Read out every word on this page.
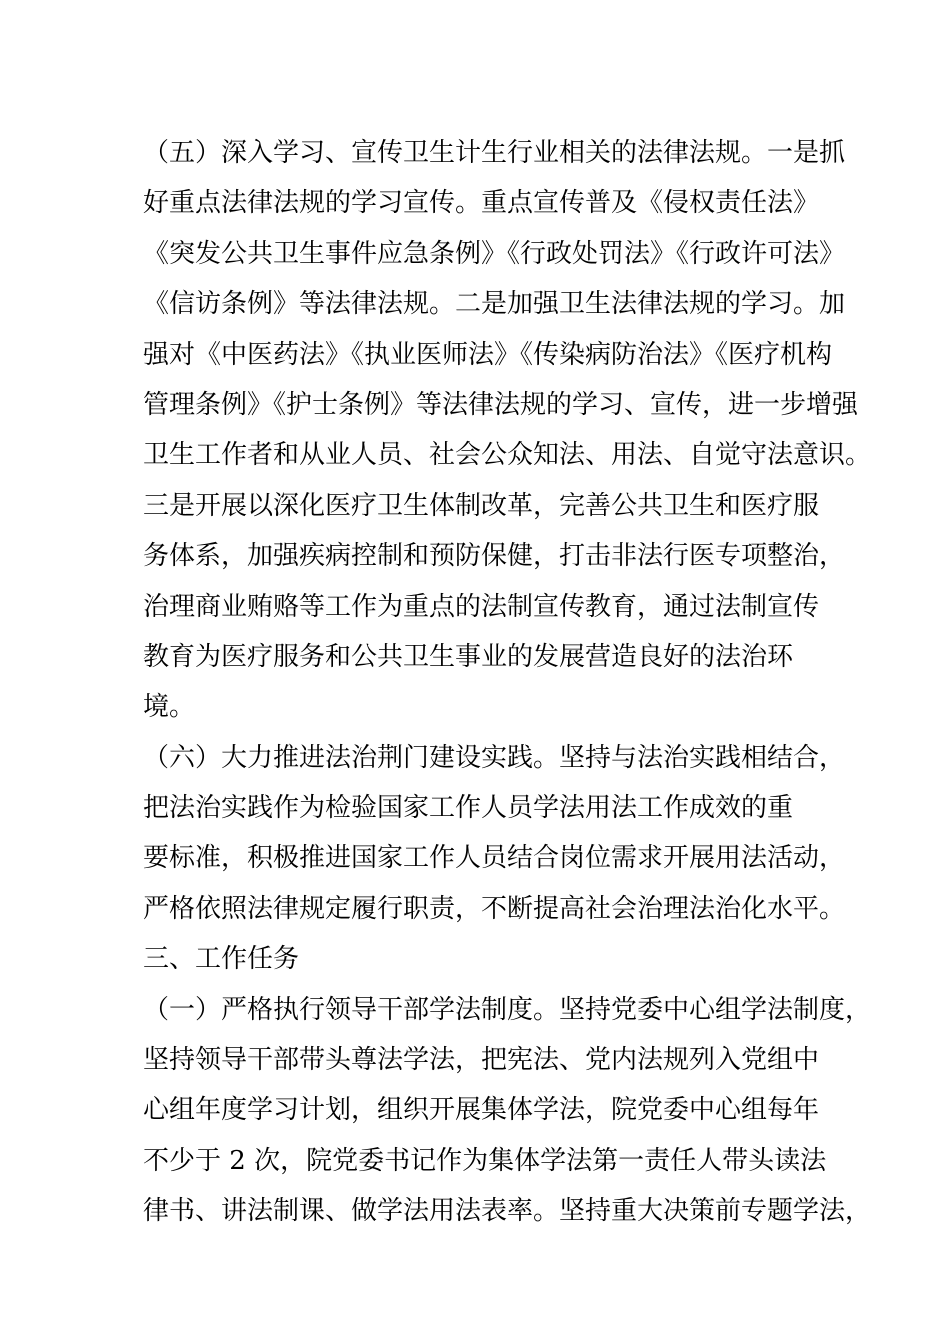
（五）深入学习、宣传卫生计生行业相关的法律法规。一是抓
好重点法律法规的学习宣传。重点宣传普及《侵权责任法》
《突发公共卫生事件应急条例》《行政处罚法》《行政许可法》
《信访条例》等法律法规。二是加强卫生法律法规的学习。加
强对《中医药法》《执业医师法》《传染病防治法》《医疗机构
管理条例》《护士条例》等法律法规的学习、宣传，进一步增强
卫生工作者和从业人员、社会公众知法、用法、自觉守法意识。
三是开展以深化医疗卫生体制改革，完善公共卫生和医疗服
务体系，加强疾病控制和预防保健，打击非法行医专项整治，
治理商业贿赂等工作为重点的法制宣传教育，通过法制宣传
教育为医疗服务和公共卫生事业的发展营造良好的法治环
境。
（六）大力推进法治荆门建设实践。坚持与法治实践相结合，
把法治实践作为检验国家工作人员学法用法工作成效的重
要标准，积极推进国家工作人员结合岗位需求开展用法活动，
严格依照法律规定履行职责，不断提高社会治理法治化水平。
三、工作任务
（一）严格执行领导干部学法制度。坚持党委中心组学法制度，
坚持领导干部带头尊法学法，把宪法、党内法规列入党组中
心组年度学习计划，组织开展集体学法，院党委中心组每年
不少于 2 次，院党委书记作为集体学法第一责任人带头读法
律书、讲法制课、做学法用法表率。坚持重大决策前专题学法，
